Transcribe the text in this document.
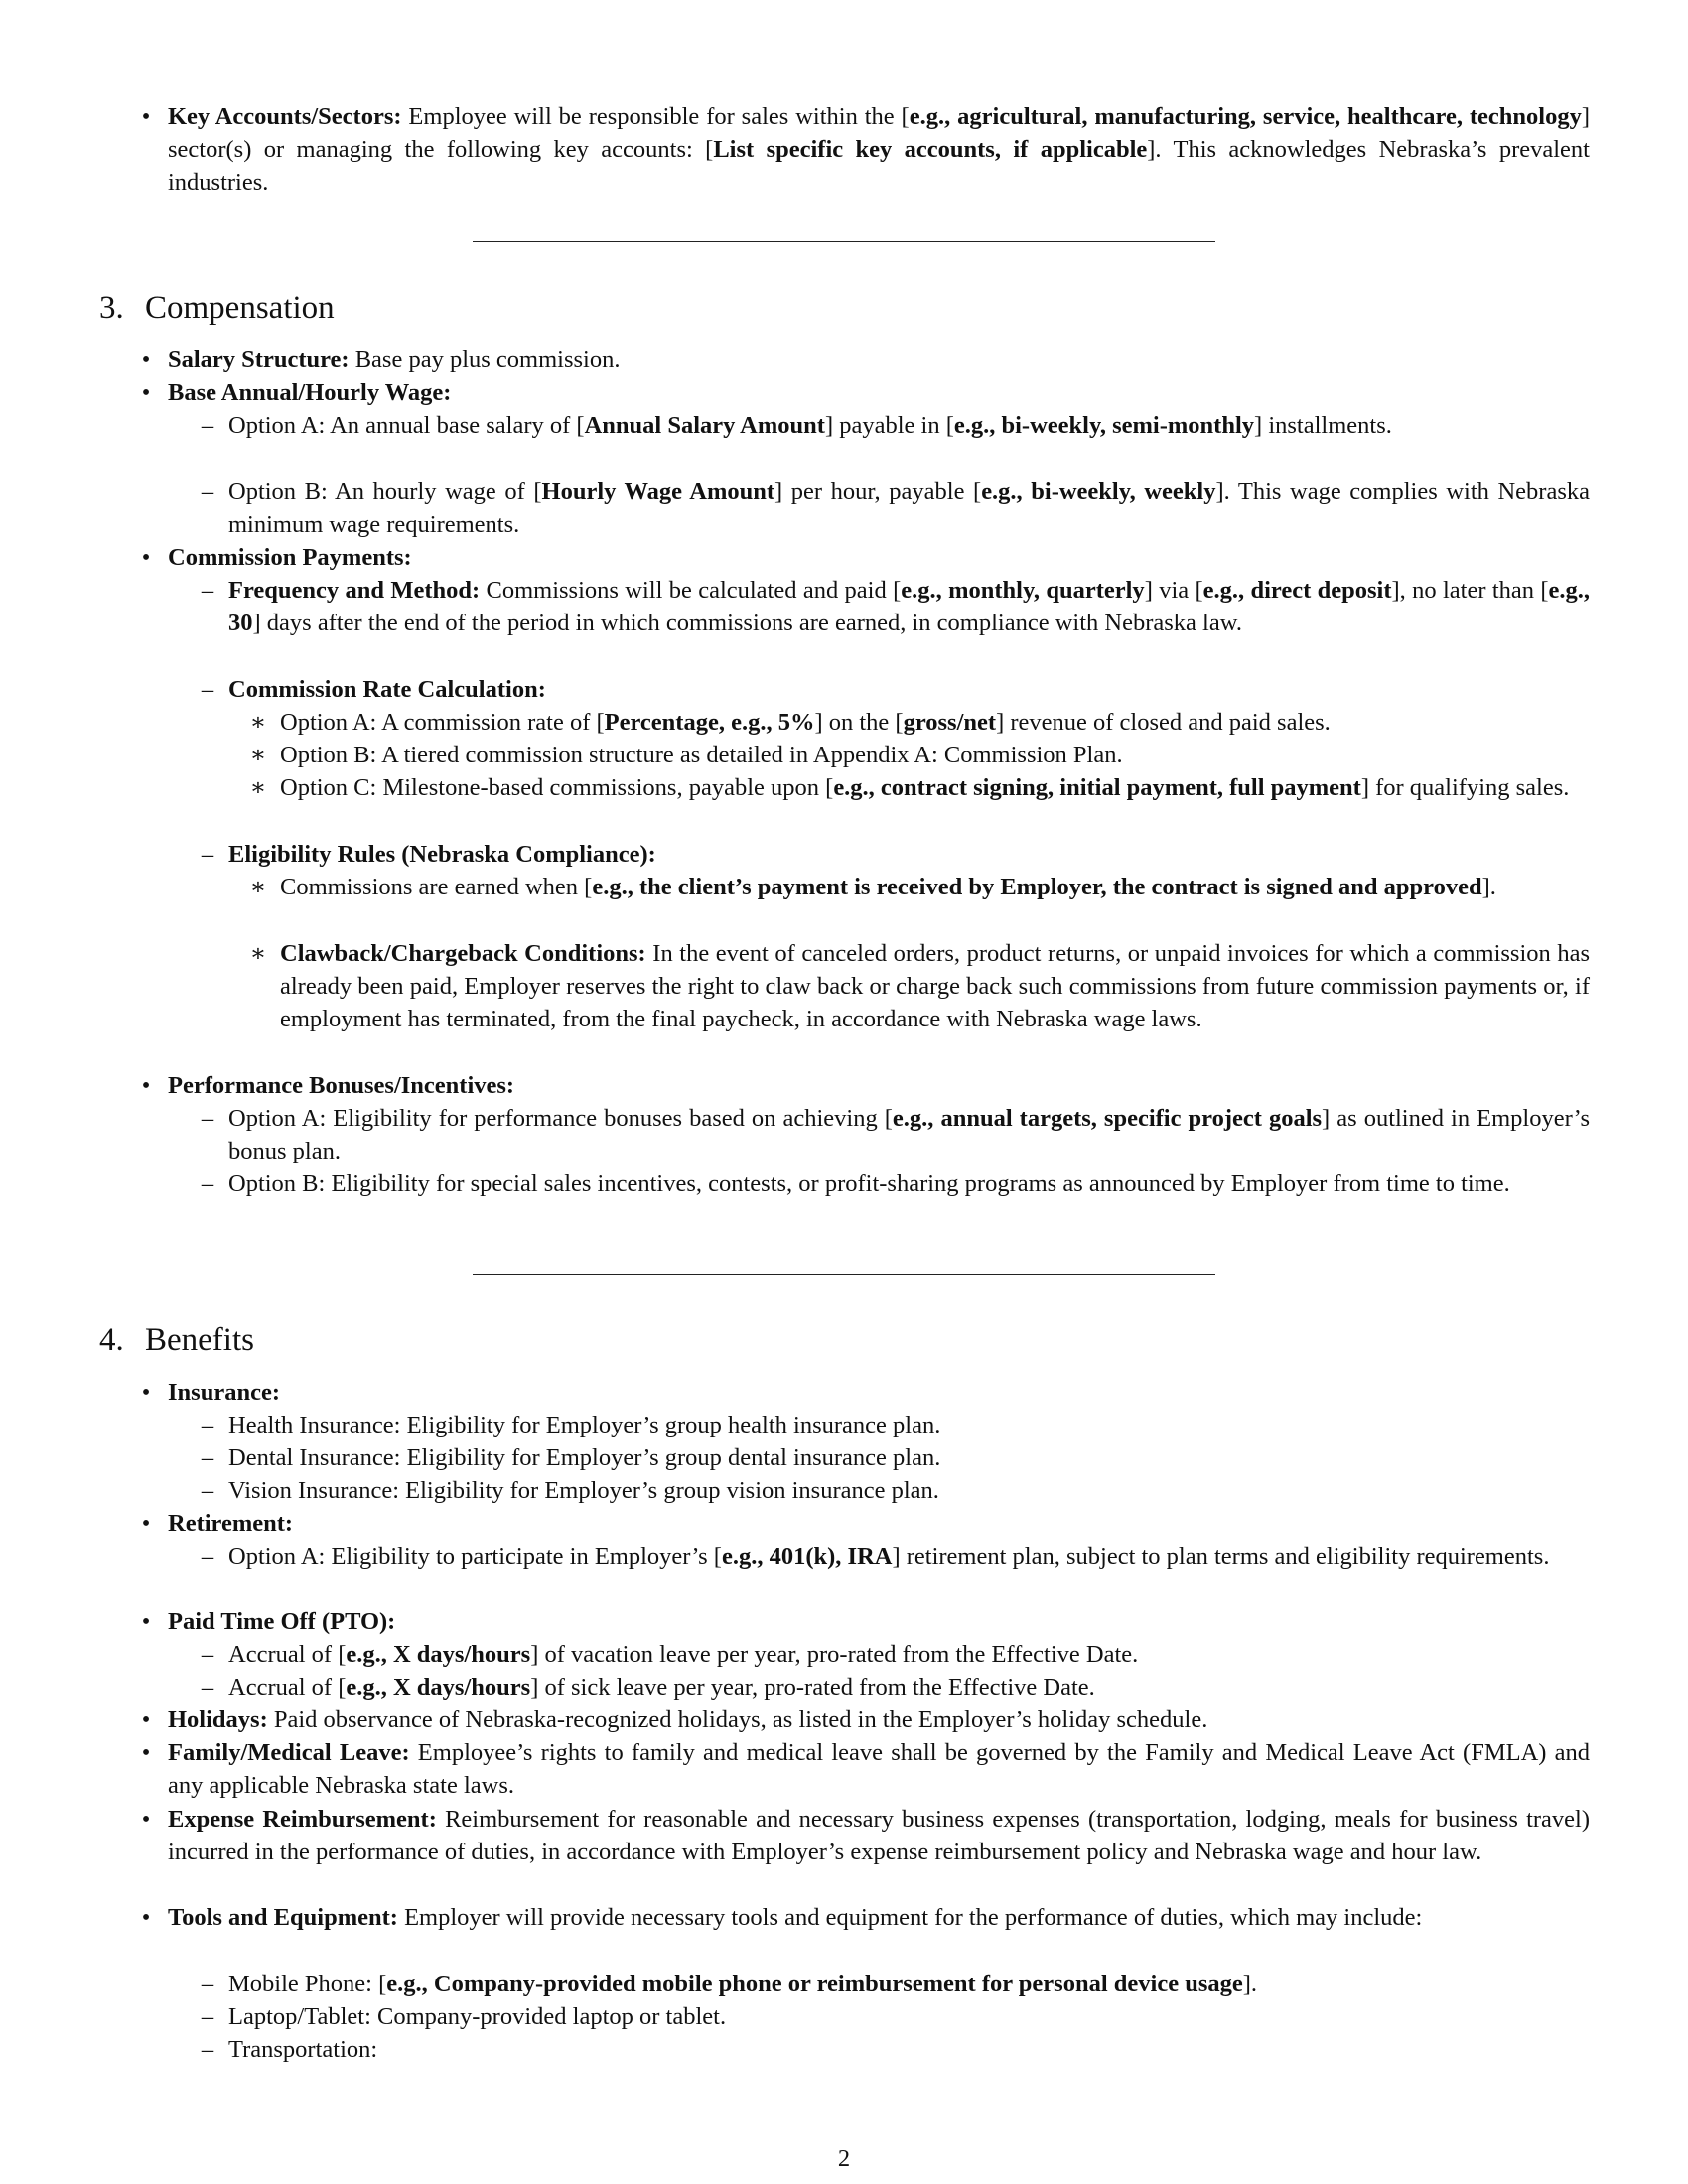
• Key Accounts/Sectors: Employee will be responsible for sales within the [e.g., agricultural, manufacturing, service, healthcare, technology] sector(s) or managing the following key accounts: [List specific key accounts, if applicable]. This acknowledges Nebraska’s prevalent industries.
3. Compensation
• Salary Structure: Base pay plus commission.
• Base Annual/Hourly Wage:
– Option A: An annual base salary of [Annual Salary Amount] payable in [e.g., bi-weekly, semi-monthly] installments.
– Option B: An hourly wage of [Hourly Wage Amount] per hour, payable [e.g., bi-weekly, weekly]. This wage complies with Nebraska minimum wage requirements.
• Commission Payments:
– Frequency and Method: Commissions will be calculated and paid [e.g., monthly, quarterly] via [e.g., direct deposit], no later than [e.g., 30] days after the end of the period in which commissions are earned, in compliance with Nebraska law.
– Commission Rate Calculation:
∗ Option A: A commission rate of [Percentage, e.g., 5%] on the [gross/net] revenue of closed and paid sales.
∗ Option B: A tiered commission structure as detailed in Appendix A: Commission Plan.
∗ Option C: Milestone-based commissions, payable upon [e.g., contract signing, initial payment, full payment] for qualifying sales.
– Eligibility Rules (Nebraska Compliance):
∗ Commissions are earned when [e.g., the client’s payment is received by Employer, the contract is signed and approved].
∗ Clawback/Chargeback Conditions: In the event of canceled orders, product returns, or unpaid invoices for which a commission has already been paid, Employer reserves the right to claw back or charge back such commissions from future commission payments or, if employment has terminated, from the final paycheck, in accordance with Nebraska wage laws.
• Performance Bonuses/Incentives:
– Option A: Eligibility for performance bonuses based on achieving [e.g., annual targets, specific project goals] as outlined in Employer’s bonus plan.
– Option B: Eligibility for special sales incentives, contests, or profit-sharing programs as announced by Employer from time to time.
4. Benefits
• Insurance:
– Health Insurance: Eligibility for Employer’s group health insurance plan.
– Dental Insurance: Eligibility for Employer’s group dental insurance plan.
– Vision Insurance: Eligibility for Employer’s group vision insurance plan.
• Retirement:
– Option A: Eligibility to participate in Employer’s [e.g., 401(k), IRA] retirement plan, subject to plan terms and eligibility requirements.
• Paid Time Off (PTO):
– Accrual of [e.g., X days/hours] of vacation leave per year, pro-rated from the Effective Date.
– Accrual of [e.g., X days/hours] of sick leave per year, pro-rated from the Effective Date.
• Holidays: Paid observance of Nebraska-recognized holidays, as listed in the Employer’s holiday schedule.
• Family/Medical Leave: Employee’s rights to family and medical leave shall be governed by the Family and Medical Leave Act (FMLA) and any applicable Nebraska state laws.
• Expense Reimbursement: Reimbursement for reasonable and necessary business expenses (transportation, lodging, meals for business travel) incurred in the performance of duties, in accordance with Employer’s expense reimbursement policy and Nebraska wage and hour law.
• Tools and Equipment: Employer will provide necessary tools and equipment for the performance of duties, which may include:
– Mobile Phone: [e.g., Company-provided mobile phone or reimbursement for personal device usage].
– Laptop/Tablet: Company-provided laptop or tablet.
– Transportation:
2
